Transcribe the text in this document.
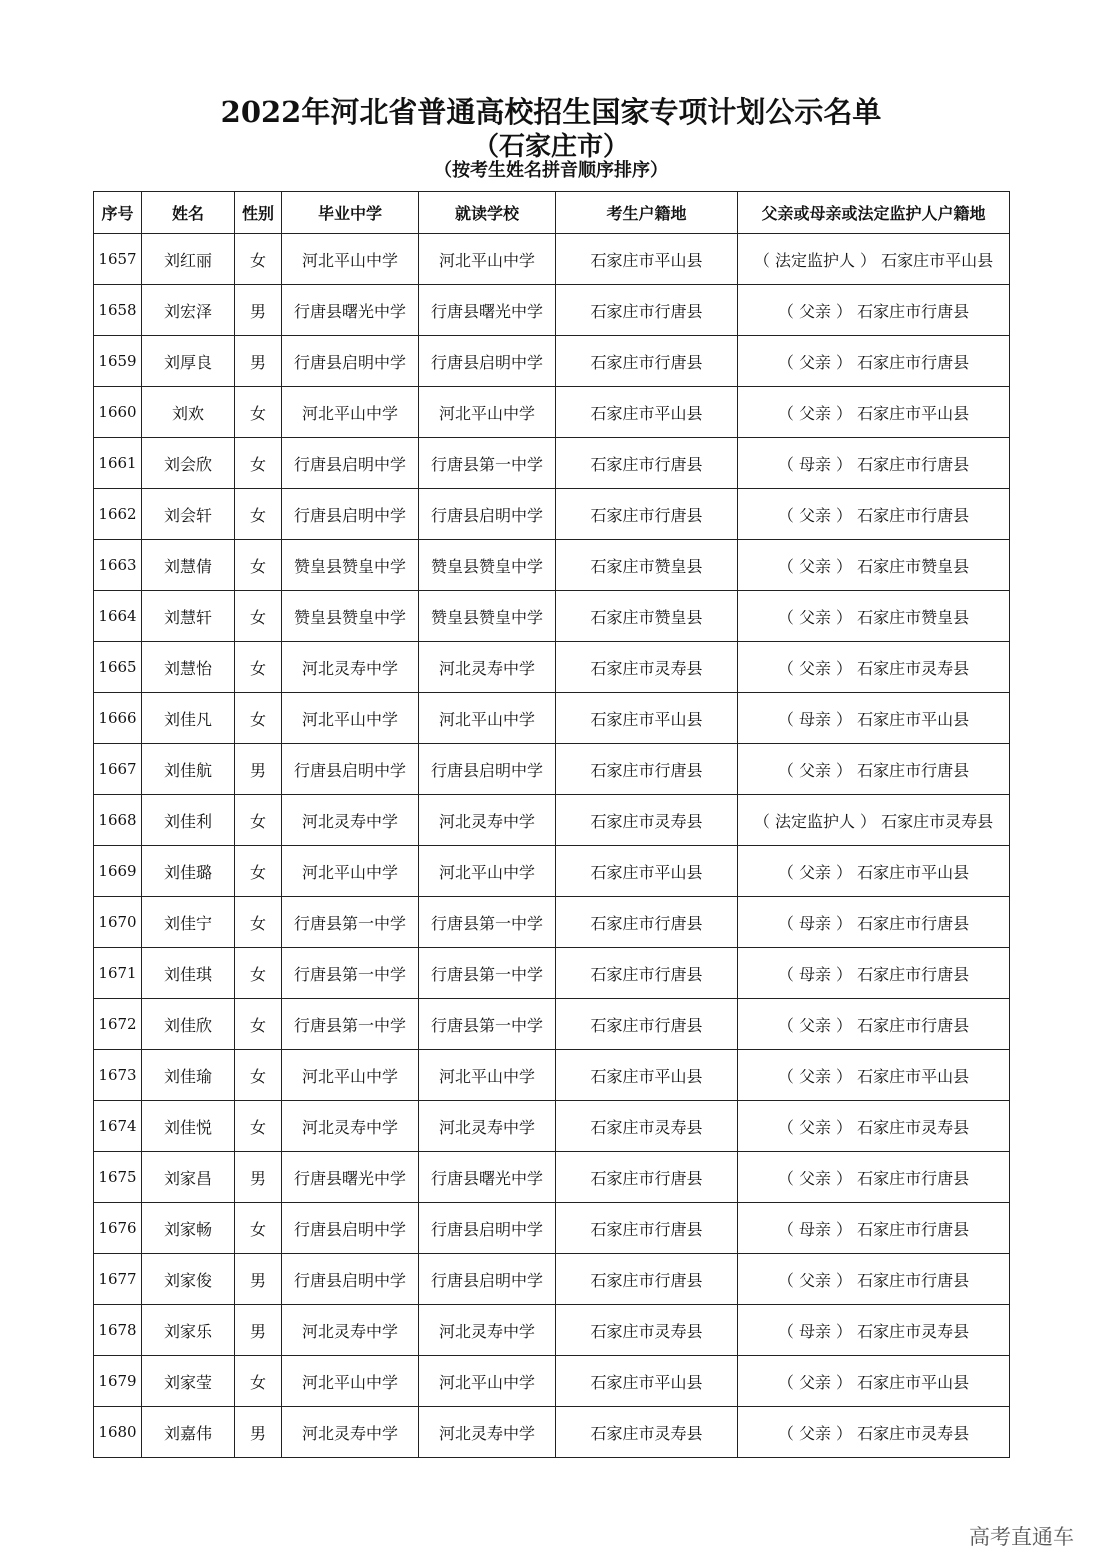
2022年河北省普通高校招生国家专项计划公示名单
（石家庄市）
（按考生姓名拼音顺序排序）
序号	姓名	性别	毕业中学	就读学校	考生户籍地	父亲或母亲或法定监护人户籍地
1657	刘红丽	女	河北平山中学	河北平山中学	石家庄市平山县	（ 法定监护人 ） 石家庄市平山县
1658	刘宏泽	男	行唐县曙光中学	行唐县曙光中学	石家庄市行唐县	（ 父亲 ） 石家庄市行唐县
1659	刘厚良	男	行唐县启明中学	行唐县启明中学	石家庄市行唐县	（ 父亲 ） 石家庄市行唐县
1660	刘欢	女	河北平山中学	河北平山中学	石家庄市平山县	（ 父亲 ） 石家庄市平山县
1661	刘会欣	女	行唐县启明中学	行唐县第一中学	石家庄市行唐县	（ 母亲 ） 石家庄市行唐县
1662	刘会轩	女	行唐县启明中学	行唐县启明中学	石家庄市行唐县	（ 父亲 ） 石家庄市行唐县
1663	刘慧倩	女	赞皇县赞皇中学	赞皇县赞皇中学	石家庄市赞皇县	（ 父亲 ） 石家庄市赞皇县
1664	刘慧轩	女	赞皇县赞皇中学	赞皇县赞皇中学	石家庄市赞皇县	（ 父亲 ） 石家庄市赞皇县
1665	刘慧怡	女	河北灵寿中学	河北灵寿中学	石家庄市灵寿县	（ 父亲 ） 石家庄市灵寿县
1666	刘佳凡	女	河北平山中学	河北平山中学	石家庄市平山县	（ 母亲 ） 石家庄市平山县
1667	刘佳航	男	行唐县启明中学	行唐县启明中学	石家庄市行唐县	（ 父亲 ） 石家庄市行唐县
1668	刘佳利	女	河北灵寿中学	河北灵寿中学	石家庄市灵寿县	（ 法定监护人 ） 石家庄市灵寿县
1669	刘佳璐	女	河北平山中学	河北平山中学	石家庄市平山县	（ 父亲 ） 石家庄市平山县
1670	刘佳宁	女	行唐县第一中学	行唐县第一中学	石家庄市行唐县	（ 母亲 ） 石家庄市行唐县
1671	刘佳琪	女	行唐县第一中学	行唐县第一中学	石家庄市行唐县	（ 母亲 ） 石家庄市行唐县
1672	刘佳欣	女	行唐县第一中学	行唐县第一中学	石家庄市行唐县	（ 父亲 ） 石家庄市行唐县
1673	刘佳瑜	女	河北平山中学	河北平山中学	石家庄市平山县	（ 父亲 ） 石家庄市平山县
1674	刘佳悦	女	河北灵寿中学	河北灵寿中学	石家庄市灵寿县	（ 父亲 ） 石家庄市灵寿县
1675	刘家昌	男	行唐县曙光中学	行唐县曙光中学	石家庄市行唐县	（ 父亲 ） 石家庄市行唐县
1676	刘家畅	女	行唐县启明中学	行唐县启明中学	石家庄市行唐县	（ 母亲 ） 石家庄市行唐县
1677	刘家俊	男	行唐县启明中学	行唐县启明中学	石家庄市行唐县	（ 父亲 ） 石家庄市行唐县
1678	刘家乐	男	河北灵寿中学	河北灵寿中学	石家庄市灵寿县	（ 母亲 ） 石家庄市灵寿县
1679	刘家莹	女	河北平山中学	河北平山中学	石家庄市平山县	（ 父亲 ） 石家庄市平山县
1680	刘嘉伟	男	河北灵寿中学	河北灵寿中学	石家庄市灵寿县	（ 父亲 ） 石家庄市灵寿县
高考直通车
